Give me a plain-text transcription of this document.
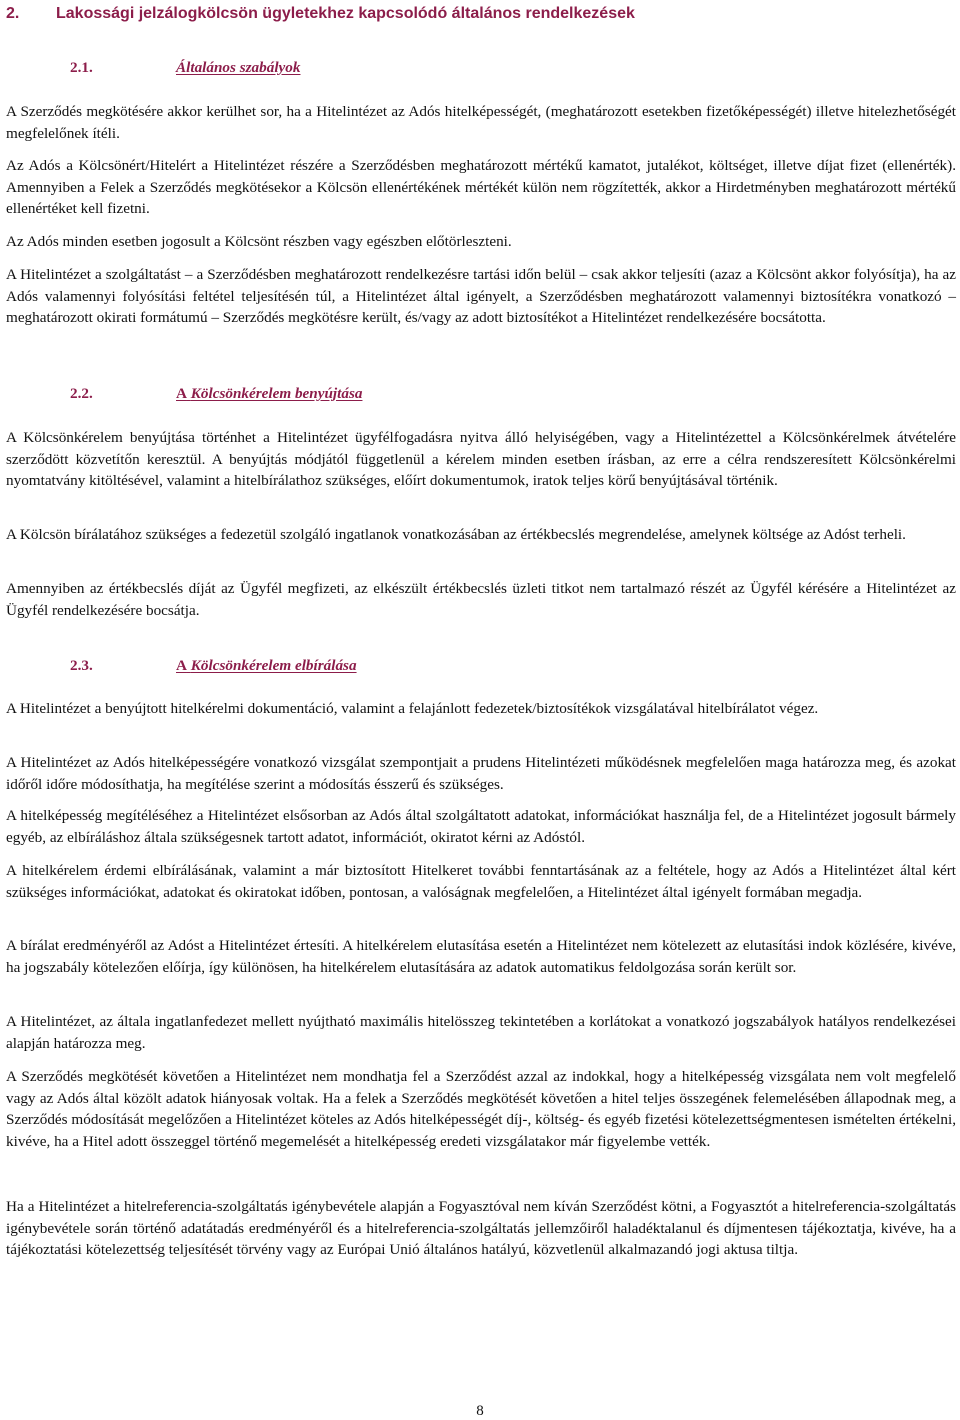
2. Lakossági jelzálogkölcsön ügyletekhez kapcsolódó általános rendelkezések
2.1.	Általános szabályok

A Szerződés megkötésére akkor kerülhet sor, ha a Hitelintézet az Adós hitelképességét, (meghatározott esetekben fizetőképességét) illetve hitelezhetőségét megfelelőnek ítéli.

Az Adós a Kölcsönért/Hitelért a Hitelintézet részére a Szerződésben meghatározott mértékű kamatot, jutalékot, költséget, illetve díjat fizet (ellenérték). Amennyiben a Felek a Szerződés megkötésekor a Kölcsön ellenértékének mértékét külön nem rögzítették, akkor a Hirdetményben meghatározott mértékű ellenértéket kell fizetni.

Az Adós minden esetben jogosult a Kölcsönt részben vagy egészben előtörleszteni.

A Hitelintézet a szolgáltatást – a Szerződésben meghatározott rendelkezésre tartási időn belül – csak akkor teljesíti (azaz a Kölcsönt akkor folyósítja), ha az Adós valamennyi folyósítási feltétel teljesítésén túl, a Hitelintézet által igényelt, a Szerződésben meghatározott valamennyi biztosítékra vonatkozó – meghatározott okirati formátumú – Szerződés megkötésre került, és/vagy az adott biztosítékot a Hitelintézet rendelkezésére bocsátotta.

2.2.	A Kölcsönkérelem benyújtása

A Kölcsönkérelem benyújtása történhet a Hitelintézet ügyfélfogadásra nyitva álló helyiségében, vagy a Hitelintézettel a Kölcsönkérelmek átvételére szerződött közvetítőn keresztül. A benyújtás módjától függetlenül a kérelem minden esetben írásban, az erre a célra rendszeresített Kölcsönkérelmi nyomtatvány kitöltésével, valamint a hitelbírálathoz szükséges, előírt dokumentumok, iratok teljes körű benyújtásával történik.

A Kölcsön bírálatához szükséges a fedezetül szolgáló ingatlanok vonatkozásában az értékbecslés megrendelése, amelynek költsége az Adóst terheli.

Amennyiben az értékbecslés díját az Ügyfél megfizeti, az elkészült értékbecslés üzleti titkot nem tartalmazó részét az Ügyfél kérésére a Hitelintézet az Ügyfél rendelkezésére bocsátja.

2.3.	A Kölcsönkérelem elbírálása

A Hitelintézet a benyújtott hitelkérelmi dokumentáció, valamint a felajánlott fedezetek/biztosítékok vizsgálatával hitelbírálatot végez.

A Hitelintézet az Adós hitelképességére vonatkozó vizsgálat szempontjait a prudens Hitelintézeti működésnek megfelelően maga határozza meg, és azokat időről időre módosíthatja, ha megítélése szerint a módosítás ésszerű és szükséges.

A hitelképesség megítéléséhez a Hitelintézet elsősorban az Adós által szolgáltatott adatokat, információkat használja fel, de a Hitelintézet jogosult bármely egyéb, az elbíráláshoz általa szükségesnek tartott adatot, információt, okiratot kérni az Adóstól.

A hitelkérelem érdemi elbírálásának, valamint a már biztosított Hitelkeret további fenntartásának az a feltétele, hogy az Adós a Hitelintézet által kért szükséges információkat, adatokat és okiratokat időben, pontosan, a valóságnak megfelelően, a Hitelintézet által igényelt formában megadja.

A bírálat eredményéről az Adóst a Hitelintézet értesíti. A hitelkérelem elutasítása esetén a Hitelintézet nem kötelezett az elutasítási indok közlésére, kivéve, ha jogszabály kötelezően előírja, így különösen, ha hitelkérelem elutasítására az adatok automatikus feldolgozása során került sor.

A Hitelintézet, az általa ingatlanfedezet mellett nyújtható maximális hitelösszeg tekintetében a korlátokat a vonatkozó jogszabályok hatályos rendelkezései alapján határozza meg.

A Szerződés megkötését követően a Hitelintézet nem mondhatja fel a Szerződést azzal az indokkal, hogy a hitelképesség vizsgálata nem volt megfelelő vagy az Adós által közölt adatok hiányosak voltak. Ha a felek a Szerződés megkötését követően a hitel teljes összegének felemelésében állapodnak meg, a Szerződés módosítását megelőzően a Hitelintézet köteles az Adós hitelképességét díj-, költség- és egyéb fizetési kötelezettségmentesen ismételten értékelni, kivéve, ha a Hitel adott összeggel történő megemelését a hitelképesség eredeti vizsgálatakor már figyelembe vették.

Ha a Hitelintézet a hitelreferencia-szolgáltatás igénybevétele alapján a Fogyasztóval nem kíván Szerződést kötni, a Fogyasztót a hitelreferencia-szolgáltatás igénybevétele során történő adatátadás eredményéről és a hitelreferencia-szolgáltatás jellemzőiről haladéktalanul és díjmentesen tájékoztatja, kivéve, ha a tájékoztatási kötelezettség teljesítését törvény vagy az Európai Unió általános hatályú, közvetlenül alkalmazandó jogi aktusa tiltja.

8
